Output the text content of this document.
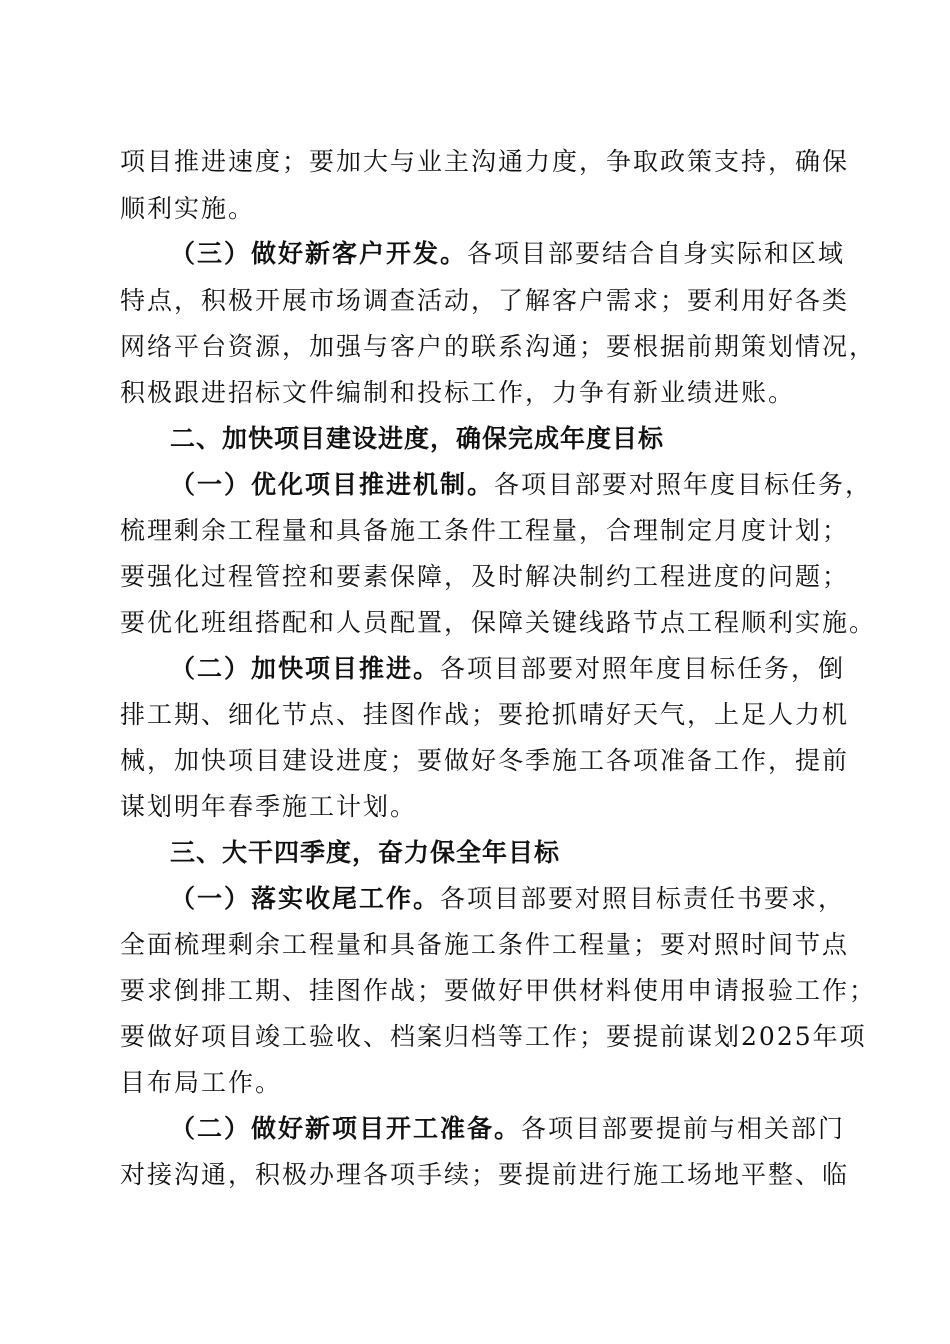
项目推进速度；要加大与业主沟通力度，争取政策支持，确保
顺利实施。
（三）做好新客户开发。各项目部要结合自身实际和区域
特点，积极开展市场调查活动，了解客户需求；要利用好各类
网络平台资源，加强与客户的联系沟通；要根据前期策划情况，
积极跟进招标文件编制和投标工作，力争有新业绩进账。
二、加快项目建设进度，确保完成年度目标
（一）优化项目推进机制。各项目部要对照年度目标任务，
梳理剩余工程量和具备施工条件工程量，合理制定月度计划；
要强化过程管控和要素保障，及时解决制约工程进度的问题；
要优化班组搭配和人员配置，保障关键线路节点工程顺利实施。
（二）加快项目推进。各项目部要对照年度目标任务，倒
排工期、细化节点、挂图作战；要抢抓晴好天气，上足人力机
械，加快项目建设进度；要做好冬季施工各项准备工作，提前
谋划明年春季施工计划。
三、大干四季度，奋力保全年目标
（一）落实收尾工作。各项目部要对照目标责任书要求，
全面梳理剩余工程量和具备施工条件工程量；要对照时间节点
要求倒排工期、挂图作战；要做好甲供材料使用申请报验工作；
要做好项目竣工验收、档案归档等工作；要提前谋划2025年项
目布局工作。
（二）做好新项目开工准备。各项目部要提前与相关部门
对接沟通，积极办理各项手续；要提前进行施工场地平整、临
